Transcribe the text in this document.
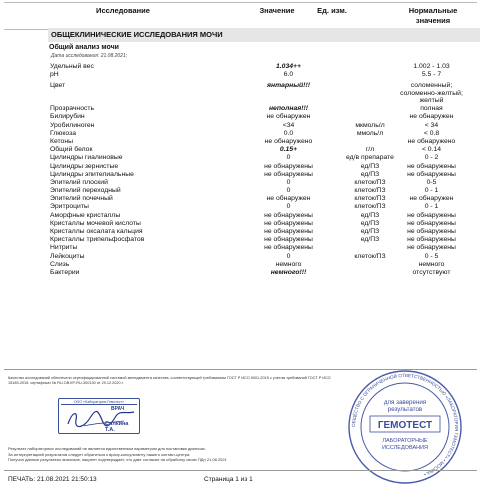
Исследование	Значение	Ед. изм.	Нормальные
значения
ОБЩЕКЛИНИЧЕСКИЕ ИССЛЕДОВАНИЯ МОЧИ
Общий анализ мочи
Дата исследования: 21.08.2021;
Удельный вес	1.034++	1.002 - 1.03
pH	6.0	5.5 - 7
Цвет	янтарный!!!	соломенный;
соломенно-желтый;
желтый
Прозрачность	неполная!!!	полная
Билирубин	не обнаружен	не обнаружен
Уробилиноген	<34	мкмоль/л	< 34
Глюкоза	0.0	ммоль/л	< 0.8
Кетоны	не обнаружено	не обнаружено
Общий белок	0.15+	г/л	< 0.14
Цилиндры гиалиновые	0	ед/в препарате	0 - 2
Цилиндры зернистые	не обнаружены	ед/ПЗ	не обнаружены
Цилиндры эпителиальные	не обнаружены	ед/ПЗ	не обнаружены
Эпителий плоский	0	клеток/ПЗ	0-5
Эпителий переходный	0	клеток/ПЗ	0 - 1
Эпителий почечный	не обнаружен	клеток/ПЗ	не обнаружен
Эритроциты	0	клеток/ПЗ	0 - 1
Аморфные кристаллы	не обнаружены	ед/ПЗ	не обнаружены
Кристаллы мочевой кислоты	не обнаружены	ед/ПЗ	не обнаружены
Кристаллы оксалата кальция	не обнаружены	ед/ПЗ	не обнаружены
Кристаллы трипельфосфатов	не обнаружены	ед/ПЗ	не обнаружены
Нитриты	не обнаружены	не обнаружены
Лейкоциты	0	клеток/ПЗ	0 - 5
Слизь	немного	немного
Бактерии	немного!!!	отсутствуют
Качество исследований обеспечено сертифицированной системой менеджмента качества, соответствующей требованиям ГОСТ Р ИСО 9001-2015 с учетом требований ГОСТ Р ИСО 15189-2015. сертификат № RU.ОВ.КР-RU-300130 от 29.12.2020 г.
ООО «Лаборатория Гемотест»
ВРАЧ
Силкина Т.А.
ОБЩЕСТВО С ОГРАНИЧЕННОЙ ОТВЕТСТВЕННОСТЬЮ «ЛАБОРАТОРИЯ ГЕМОТЕСТ» • МОСКВА •
для заверения
результатов
ГЕМОТЕСТ
ЛАБОРАТОРНЫЕ
ИССЛЕДОВАНИЯ
Результат лабораторных исследований не является единственным параметром для постановки диагноза.
За интерпретацией результатов следует обратиться к врачу-консультанту нашего контакт-центра.
Получил данные результаты анализов, пациент подтверждает, что дает согласие на обработку своих ПДн 21.08.2021
ПЕЧАТЬ: 21.08.2021 21:50:13	Страница 1 из 1
